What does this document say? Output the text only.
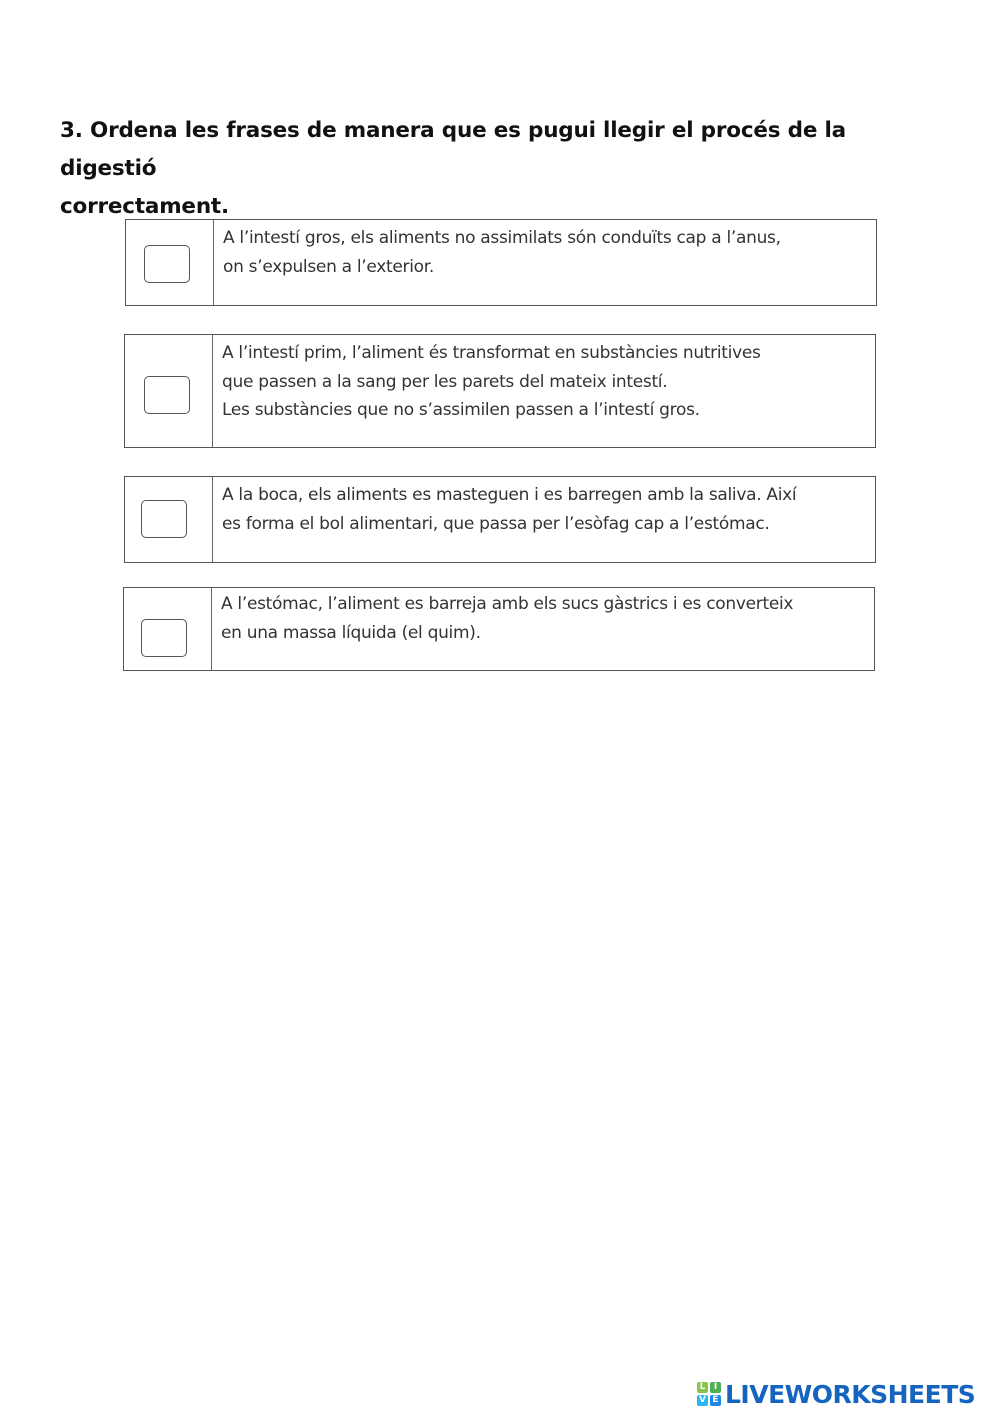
3. Ordena les frases de manera que es pugui llegir el procés de la digestió
correctament.
A l’intestí gros, els aliments no assimilats són conduïts cap a l’anus,
on s’expulsen a l’exterior.
A l’intestí prim, l’aliment és transformat en substàncies nutritives
que passen a la sang per les parets del mateix intestí.
Les substàncies que no s’assimilen passen a l’intestí gros.
A la boca, els aliments es masteguen i es barregen amb la saliva. Així
es forma el bol alimentari, que passa per l’esòfag cap a l’estómac.
A l’estómac, l’aliment es barreja amb els sucs gàstrics i es converteix
en una massa líquida (el quim).
L I
V E LIVEWORKSHEETS
